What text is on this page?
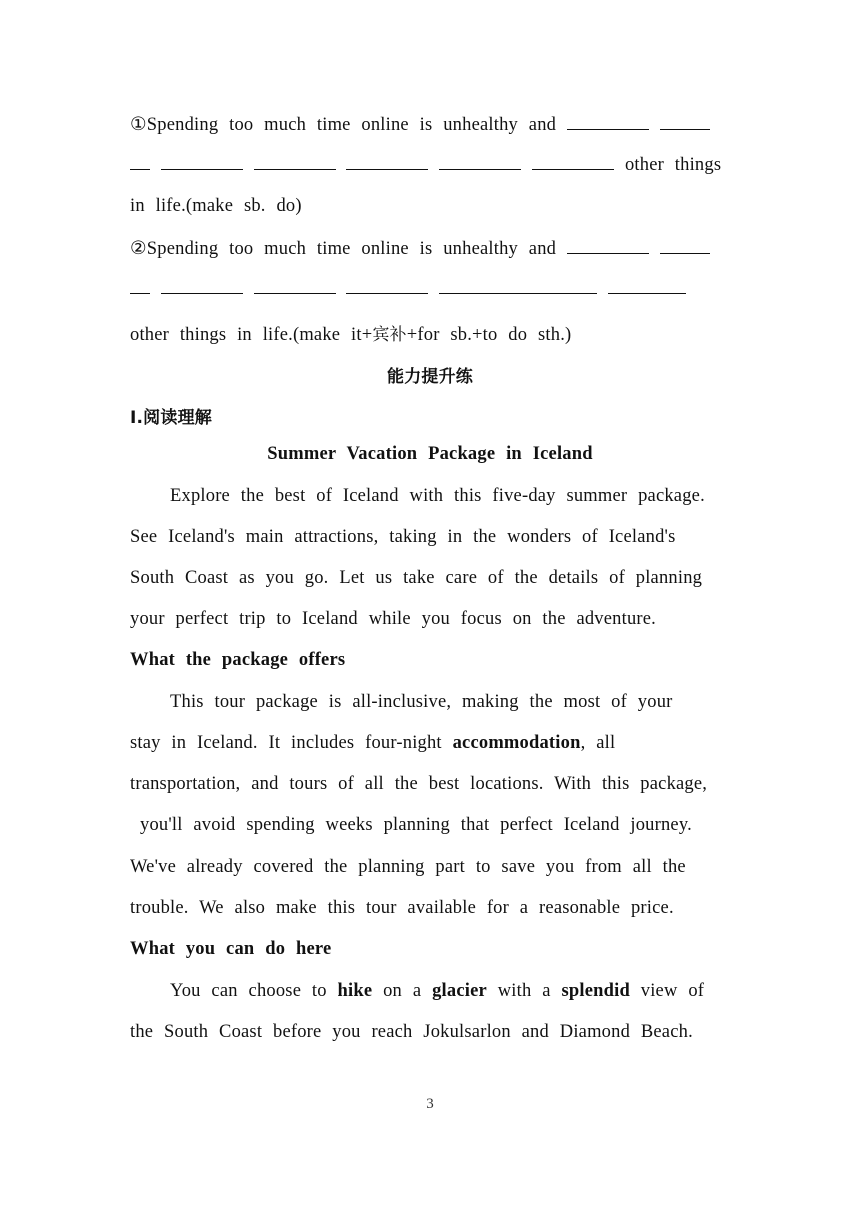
①Spending too much time online is unhealthy and
other things
in life.(make sb. do)
②Spending too much time online is unhealthy and

other things in life.(make it+宾补+for sb.+to do sth.)
能力提升练
Ⅰ.阅读理解
Summer Vacation Package in Iceland
Explore the best of Iceland with this five-day summer package.
See Iceland's main attractions, taking in the wonders of Iceland's
South Coast as you go. Let us take care of the details of planning
your perfect trip to Iceland while you focus on the adventure.
What the package offers
This tour package is all-inclusive, making the most of your
stay in Iceland. It includes four-night accommodation, all
transportation, and tours of all the best locations. With this package,
you'll avoid spending weeks planning that perfect Iceland journey.
We've already covered the planning part to save you from all the
trouble. We also make this tour available for a reasonable price.
What you can do here
You can choose to hike on a glacier with a splendid view of
the South Coast before you reach Jokulsarlon and Diamond Beach.
3
